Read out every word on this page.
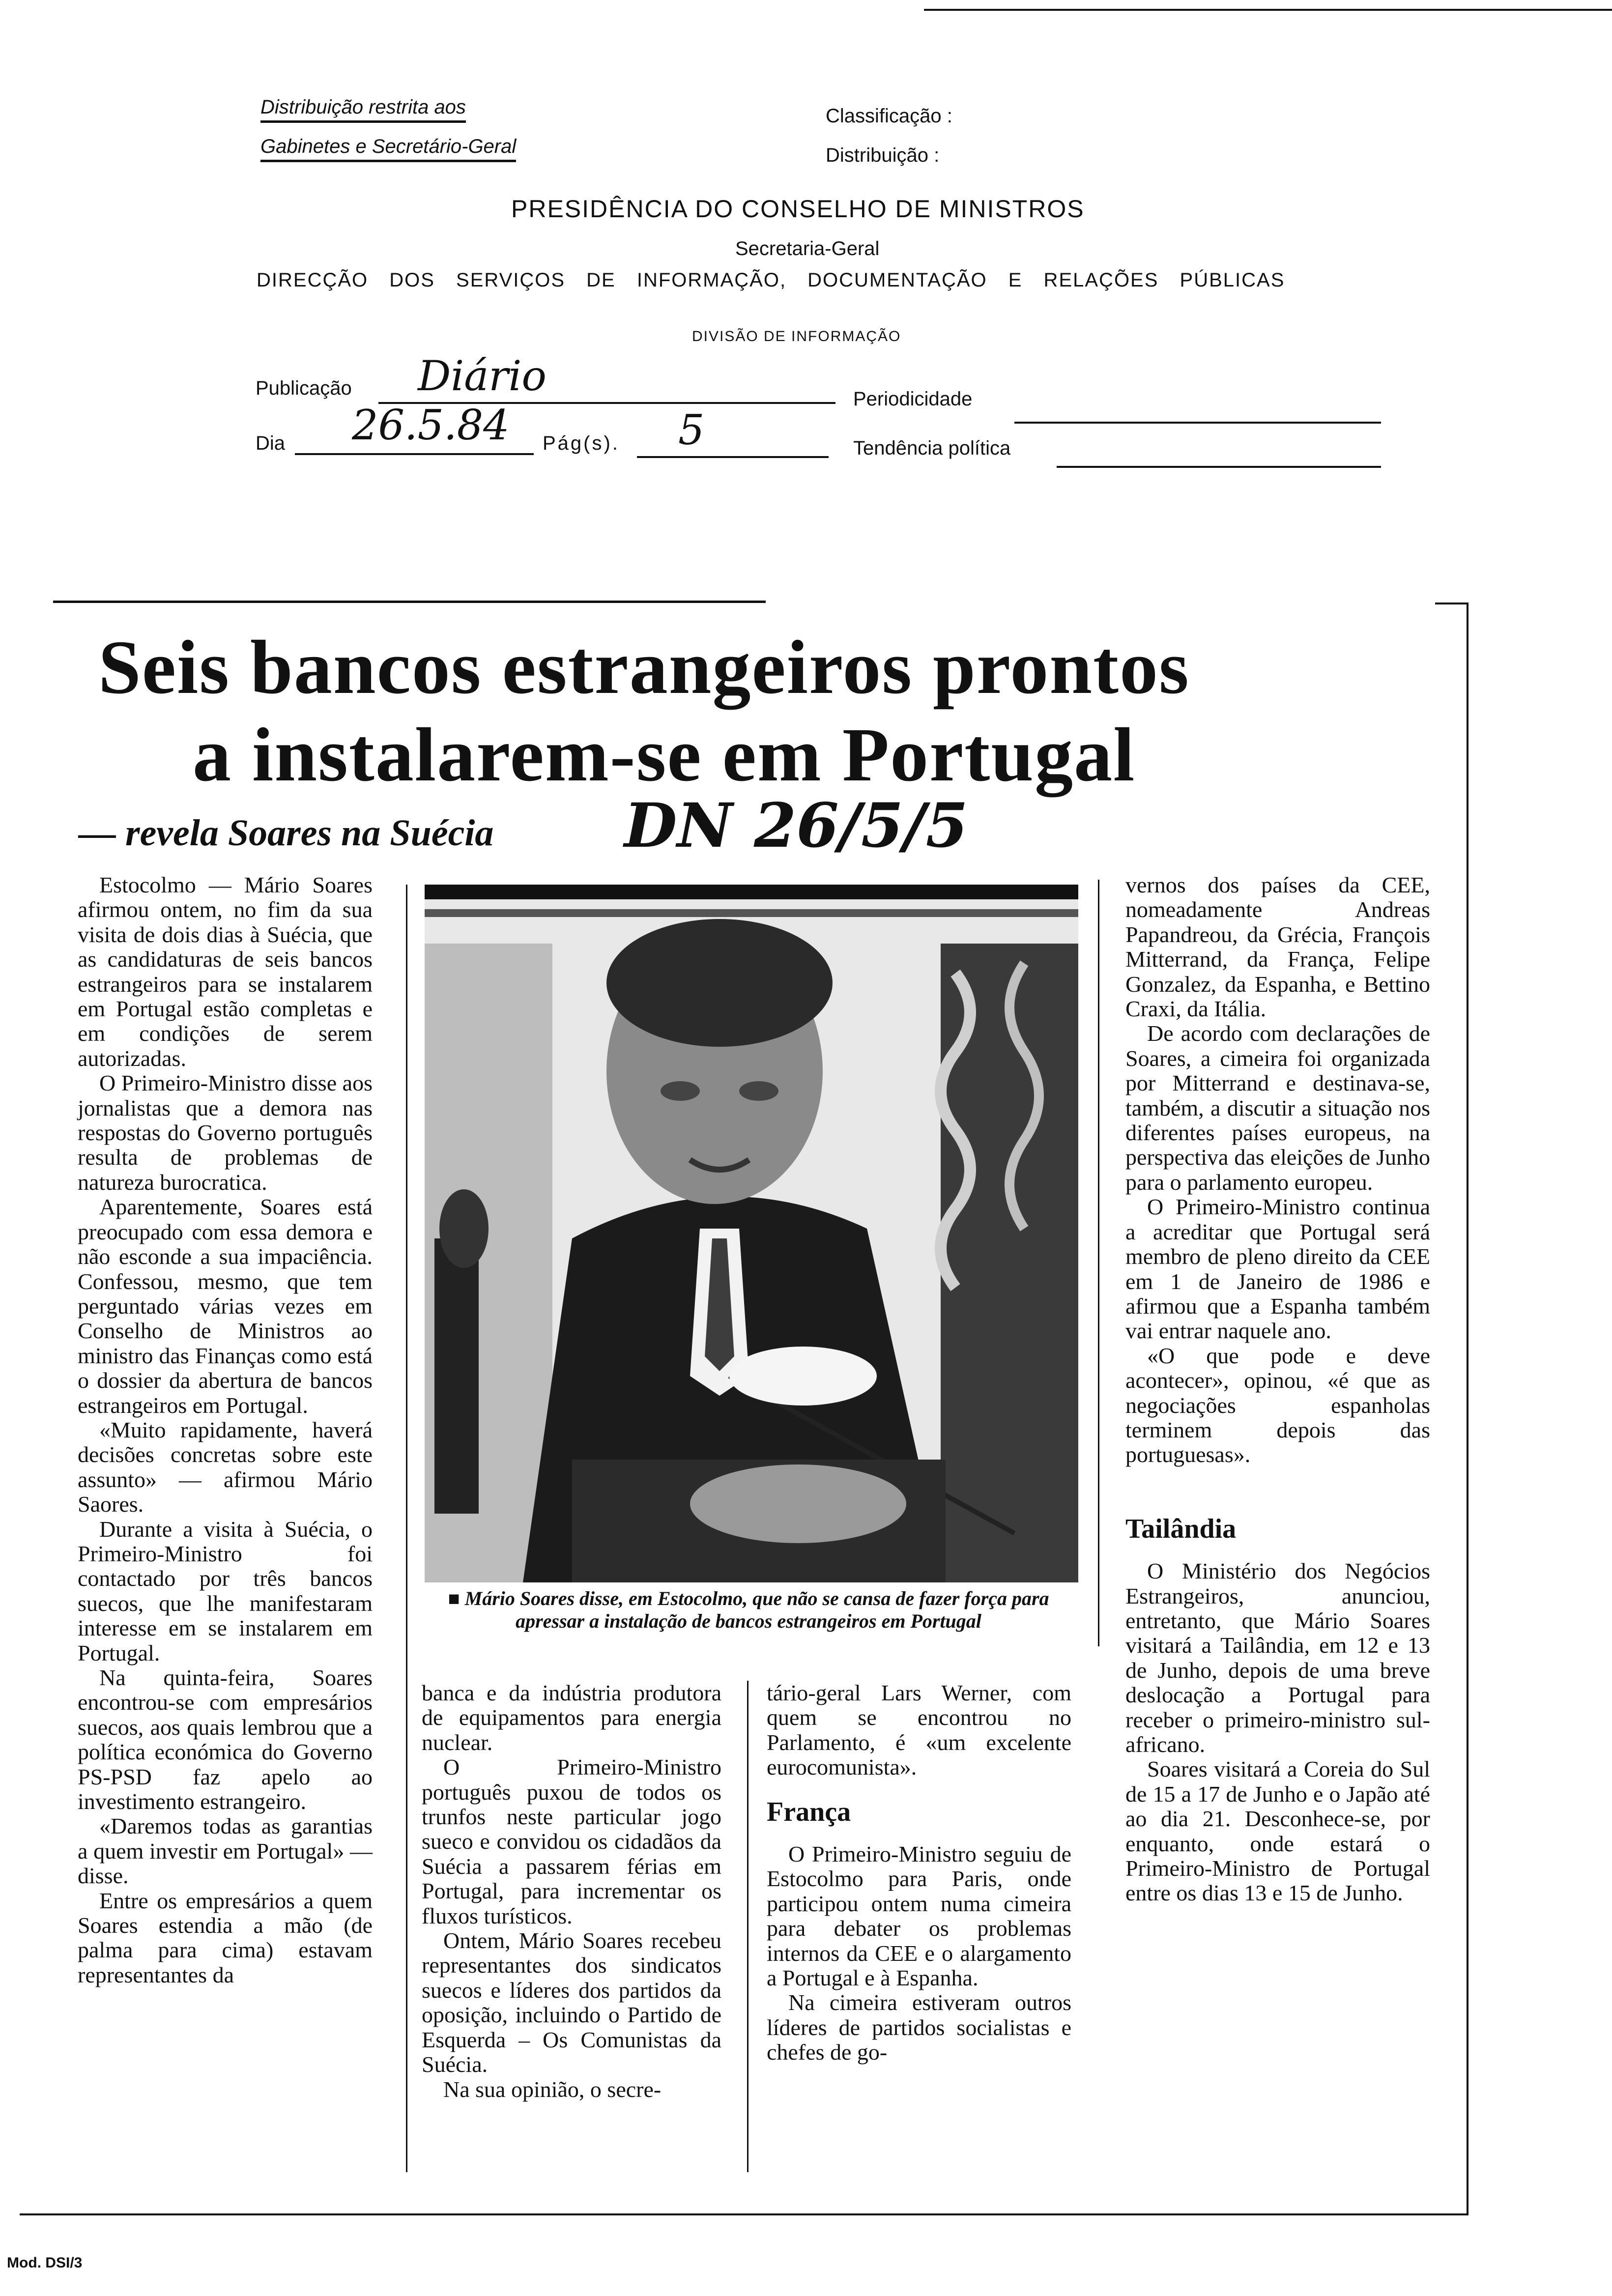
Distribuição restrita aos
Gabinetes e Secretário-Geral
Classificação :
Distribuição :
PRESIDÊNCIA DO CONSELHO DE MINISTROS
Secretaria-Geral
DIRECÇÃO DOS SERVIÇOS DE INFORMAÇÃO, DOCUMENTAÇÃO E RELAÇÕES PÚBLICAS
DIVISÃO DE INFORMAÇÃO
Publicação Diário	Periodicidade
Dia 26.5.84 Pág(s). 5	Tendência política
Seis bancos estrangeiros prontos
a instalarem-se em Portugal
— revela Soares na Suécia DN 26/5/5

Estocolmo — Mário Soares afirmou ontem, no fim da sua visita de dois dias à Suécia, que as candidaturas de seis bancos estrangeiros para se instalarem em Portugal estão completas e em condições de serem autorizadas.

O Primeiro-Ministro disse aos jornalistas que a demora nas respostas do Governo português resulta de problemas de natureza burocratica.

Aparentemente, Soares está preocupado com essa demora e não esconde a sua impaciência. Confessou, mesmo, que tem perguntado várias vezes em Conselho de Ministros ao ministro das Finanças como está o dossier da abertura de bancos estrangeiros em Portugal.

«Muito rapidamente, haverá decisões concretas sobre este assunto» — afirmou Mário Saores.

Durante a visita à Suécia, o Primeiro-Ministro foi contactado por três bancos suecos, que lhe manifestaram interesse em se instalarem em Portugal.

Na quinta-feira, Soares encontrou-se com empresários suecos, aos quais lembrou que a política económica do Governo PS-PSD faz apelo ao investimento estrangeiro.

«Daremos todas as garantias a quem investir em Portugal» — disse.

Entre os empresários a quem Soares estendia a mão (de palma para cima) estavam representantes da

■ Mário Soares disse, em Estocolmo, que não se cansa de fazer força para apressar a instalação de bancos estrangeiros em Portugal

banca e da indústria produtora de equipamentos para energia nuclear.

O Primeiro-Ministro português puxou de todos os trunfos neste particular jogo sueco e convidou os cidadãos da Suécia a passarem férias em Portugal, para incrementar os fluxos turísticos.

Ontem, Mário Soares recebeu representantes dos sindicatos suecos e líderes dos partidos da oposição, incluindo o Partido de Esquerda – Os Comunistas da Suécia.

Na sua opinião, o secre-

tário-geral Lars Werner, com quem se encontrou no Parlamento, é «um excelente eurocomunista».

França

O Primeiro-Ministro seguiu de Estocolmo para Paris, onde participou ontem numa cimeira para debater os problemas internos da CEE e o alargamento a Portugal e à Espanha.

Na cimeira estiveram outros líderes de partidos socialistas e chefes de go-

vernos dos países da CEE, nomeadamente Andreas Papandreou, da Grécia, François Mitterrand, da França, Felipe Gonzalez, da Espanha, e Bettino Craxi, da Itália.

De acordo com declarações de Soares, a cimeira foi organizada por Mitterrand e destinava-se, também, a discutir a situação nos diferentes países europeus, na perspectiva das eleições de Junho para o parlamento europeu.

O Primeiro-Ministro continua a acreditar que Portugal será membro de pleno direito da CEE em 1 de Janeiro de 1986 e afirmou que a Espanha também vai entrar naquele ano.

«O que pode e deve acontecer», opinou, «é que as negociações espanholas terminem depois das portuguesas».

Tailândia

O Ministério dos Negócios Estrangeiros, anunciou, entretanto, que Mário Soares visitará a Tailândia, em 12 e 13 de Junho, depois de uma breve deslocação a Portugal para receber o primeiro-ministro sul-africano.

Soares visitará a Coreia do Sul de 15 a 17 de Junho e o Japão até ao dia 21. Desconhece-se, por enquanto, onde estará o Primeiro-Ministro de Portugal entre os dias 13 e 15 de Junho.

Mod. DSI/3
